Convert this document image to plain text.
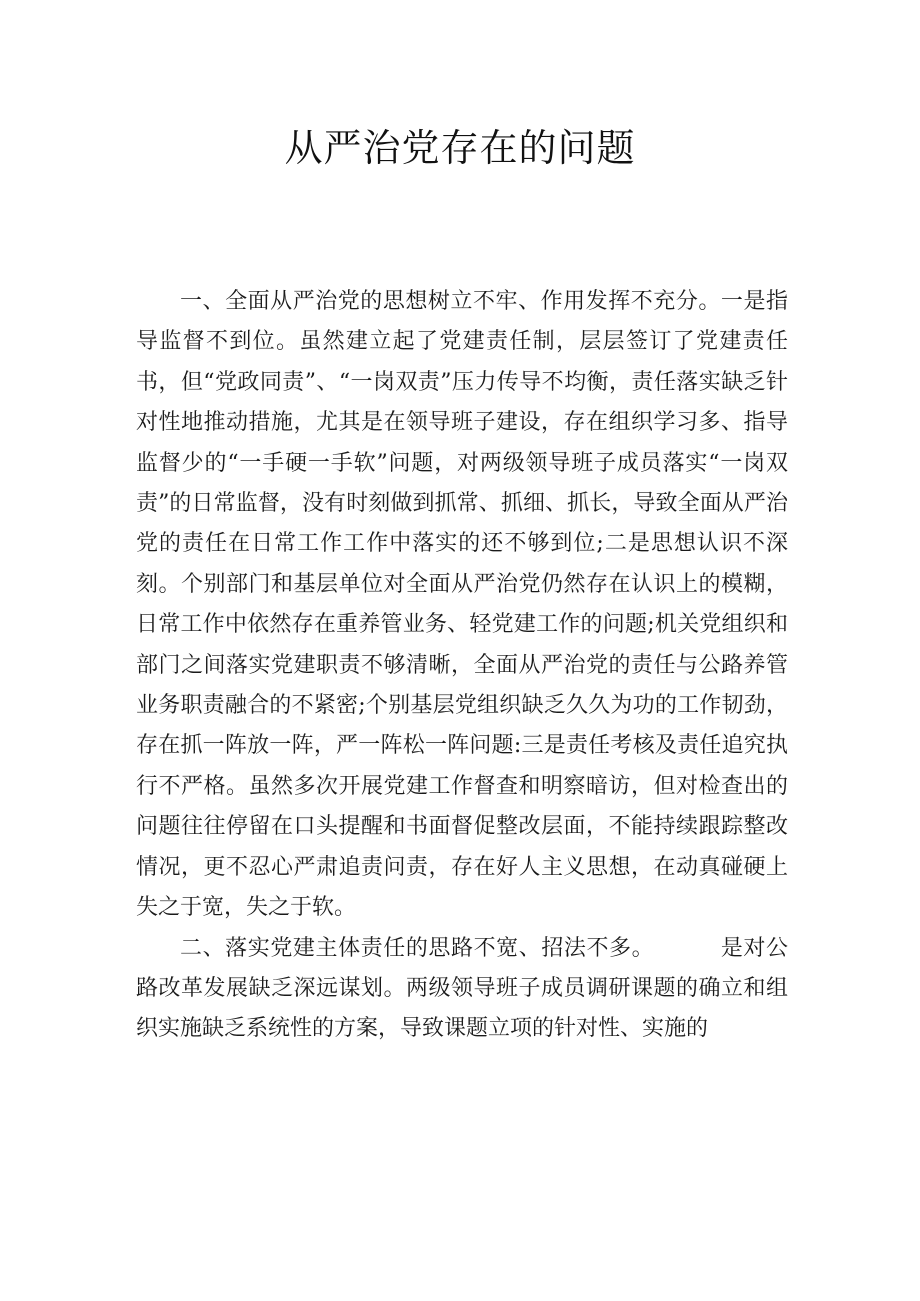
从严治党存在的问题

一、全面从严治党的思想树立不牢、作用发挥不充分。一是指导监督不到位。虽然建立起了党建责任制，层层签订了党建责任书，但“党政同责”、“一岗双责”压力传导不均衡，责任落实缺乏针对性地推动措施，尤其是在领导班子建设，存在组织学习多、指导监督少的“一手硬一手软”问题，对两级领导班子成员落实“一岗双责”的日常监督，没有时刻做到抓常、抓细、抓长，导致全面从严治党的责任在日常工作工作中落实的还不够到位;二是思想认识不深刻。个别部门和基层单位对全面从严治党仍然存在认识上的模糊，日常工作中依然存在重养管业务、轻党建工作的问题;机关党组织和部门之间落实党建职责不够清晰，全面从严治党的责任与公路养管业务职责融合的不紧密;个别基层党组织缺乏久久为功的工作韧劲，存在抓一阵放一阵，严一阵松一阵问题:三是责任考核及责任追究执行不严格。虽然多次开展党建工作督查和明察暗访，但对检查出的问题往往停留在口头提醒和书面督促整改层面，不能持续跟踪整改情况，更不忍心严肃追责问责，存在好人主义思想，在动真碰硬上失之于宽，失之于软。

二、落实党建主体责任的思路不宽、招法不多。	是对公路改革发展缺乏深远谋划。两级领导班子成员调研课题的确立和组织实施缺乏系统性的方案，导致课题立项的针对性、实施的
